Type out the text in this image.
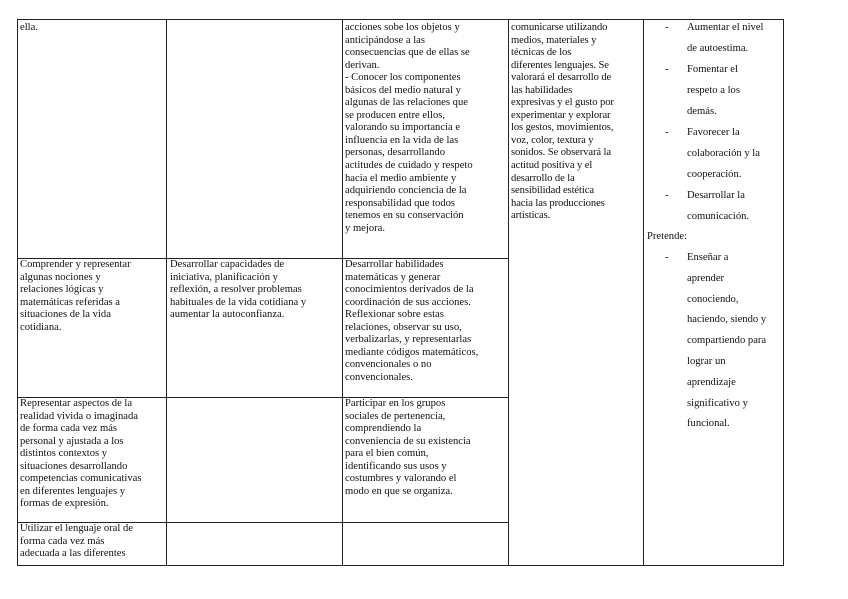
ella.	acciones sobe los objetos y
anticipándose a las
consecuencias que de ellas se
derivan.
- Conocer los componentes
básicos del medio natural y
algunas de las relaciones que
se producen entre ellos,
valorando su importancia e
influencia en la vida de las
personas, desarrollando
actitudes de cuidado y respeto
hacia el medio ambiente y
adquiriendo conciencia de la
responsabilidad que todos
tenemos en su conservación
y mejora.
Comprender y representar
algunas nociones y
relaciones lógicas y
matemáticas referidas a
situaciones de la vida
cotidiana.
Desarrollar capacidades de
iniciativa, planificación y
reflexión, a resolver problemas
habituales de la vida cotidiana y
aumentar la autoconfianza.
Desarrollar habilidades
matemáticas y generar
conocimientos derivados de la
coordinación de sus acciones.
Reflexionar sobre estas
relaciones, observar su uso,
verbalizarlas, y representarlas
mediante códigos matemáticos,
convencionales o no
convencionales.
Representar aspectos de la
realidad vivida o imaginada
de forma cada vez más
personal y ajustada a los
distintos contextos y
situaciones desarrollando
competencias comunicativas
en diferentes lenguajes y
formas de expresión.
Participar en los grupos
sociales de pertenencia,
comprendiendo la
conveniencia de su existencia
para el bien común,
identificando sus usos y
costumbres y valorando el
modo en que se organiza.
Utilizar el lenguaje oral de
forma cada vez más
adecuada a las diferentes
comunicarse utilizando
medios, materiales y
técnicas de los
diferentes lenguajes. Se
valorará el desarrollo de
las habilidades
expresivas y el gusto por
experimentar y explorar
los gestos, movimientos,
voz, color, textura y
sonidos. Se observará la
actitud positiva y el
desarrollo de la
sensibilidad estética
hacia las producciones
artísticas.
- Aumentar el nivel
de autoestima.
- Fomentar el
respeto a los
demás.
- Favorecer la
colaboración y la
cooperación.
- Desarrollar la
comunicación.
Pretende:
- Enseñar a
aprender
conociendo,
haciendo, siendo y
compartiendo para
lograr un
aprendizaje
significativo y
funcional.
